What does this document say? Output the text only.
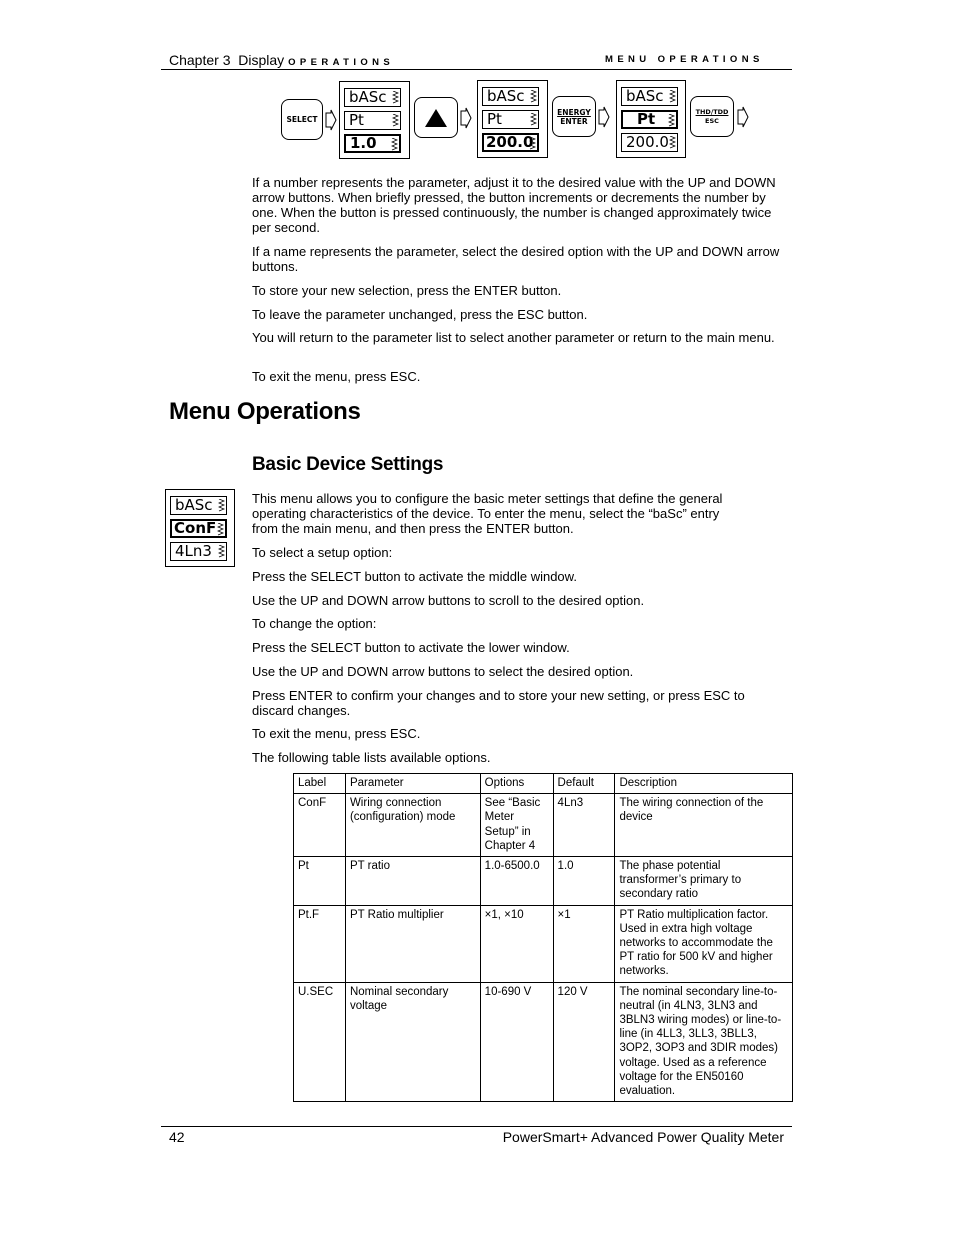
Chapter 3 Display OPERATIONS	MENU OPERATIONS
SELECT
bASc
Pt
1.0
bASc
Pt
200.0
ENERGY
ENTER
bASc
Pt
200.0
THD/TDD
ESC
If a number represents the parameter, adjust it to the desired value with the UP and DOWN arrow buttons. When briefly pressed, the button increments or decrements the number by one. When the button is pressed continuously, the number is changed approximately twice per second.
If a name represents the parameter, select the desired option with the UP and DOWN arrow buttons.
To store your new selection, press the ENTER button.
To leave the parameter unchanged, press the ESC button.
You will return to the parameter list to select another parameter or return to the main menu.
To exit the menu, press ESC.
Menu Operations
Basic Device Settings
bASc
ConF
4Ln3
This menu allows you to configure the basic meter settings that define the general operating characteristics of the device. To enter the menu, select the “baSc” entry from the main menu, and then press the ENTER button.
To select a setup option:
Press the SELECT button to activate the middle window.
Use the UP and DOWN arrow buttons to scroll to the desired option.
To change the option:
Press the SELECT button to activate the lower window.
Use the UP and DOWN arrow buttons to select the desired option.
Press ENTER to confirm your changes and to store your new setting, or press ESC to discard changes.
To exit the menu, press ESC.
The following table lists available options.
Label	Parameter	Options	Default	Description
ConF	Wiring connection (configuration) mode	See “Basic Meter Setup” in Chapter 4	4Ln3	The wiring connection of the device
Pt	PT ratio	1.0-6500.0	1.0	The phase potential transformer’s primary to secondary ratio
Pt.F	PT Ratio multiplier	×1, ×10	×1	PT Ratio multiplication factor. Used in extra high voltage networks to accommodate the PT ratio for 500 kV and higher networks.
U.SEC	Nominal secondary voltage	10-690 V	120 V	The nominal secondary line-to-neutral (in 4LN3, 3LN3 and 3BLN3 wiring modes) or line-to-line (in 4LL3, 3LL3, 3BLL3, 3OP2, 3OP3 and 3DIR modes) voltage. Used as a reference voltage for the EN50160 evaluation.
42	PowerSmart+ Advanced Power Quality Meter
